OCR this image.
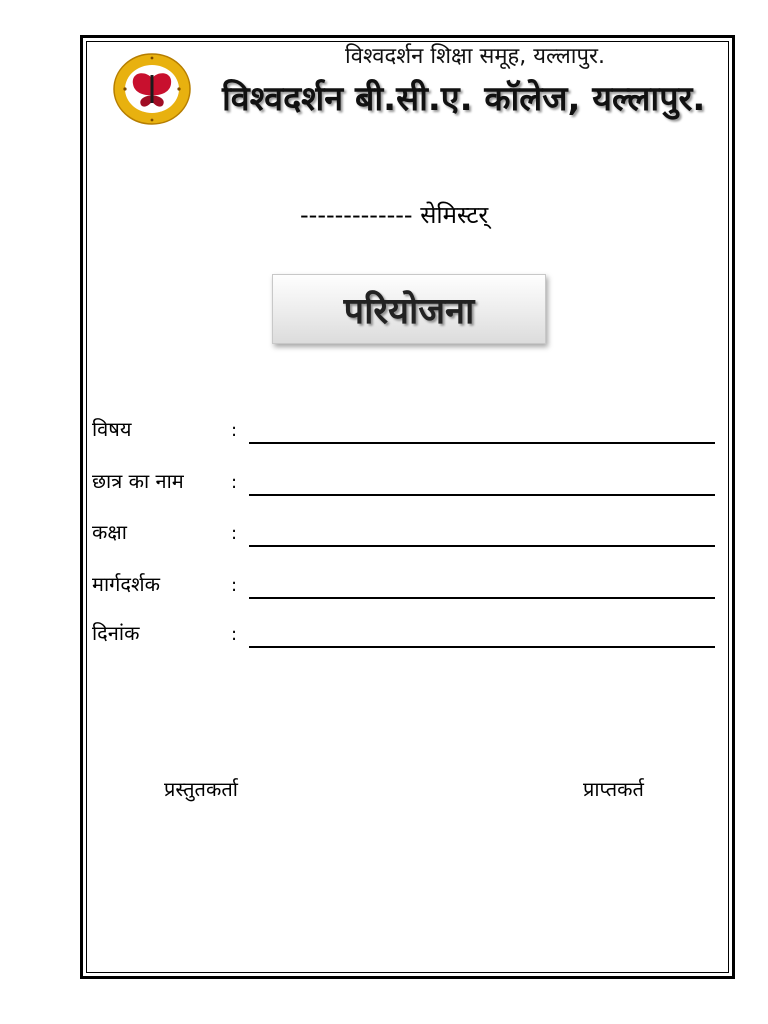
विश्वदर्शन शिक्षा समूह, यल्लापुर.
विश्वदर्शन बी.सी.ए. कॉलेज, यल्लापुर.
------------- सेमिस्टर्
परियोजना
विषय	:
छात्र का नाम	:
कक्षा	:
मार्गदर्शक	:
दिनांक	:
प्रस्तुतकर्ता	प्राप्तकर्त
